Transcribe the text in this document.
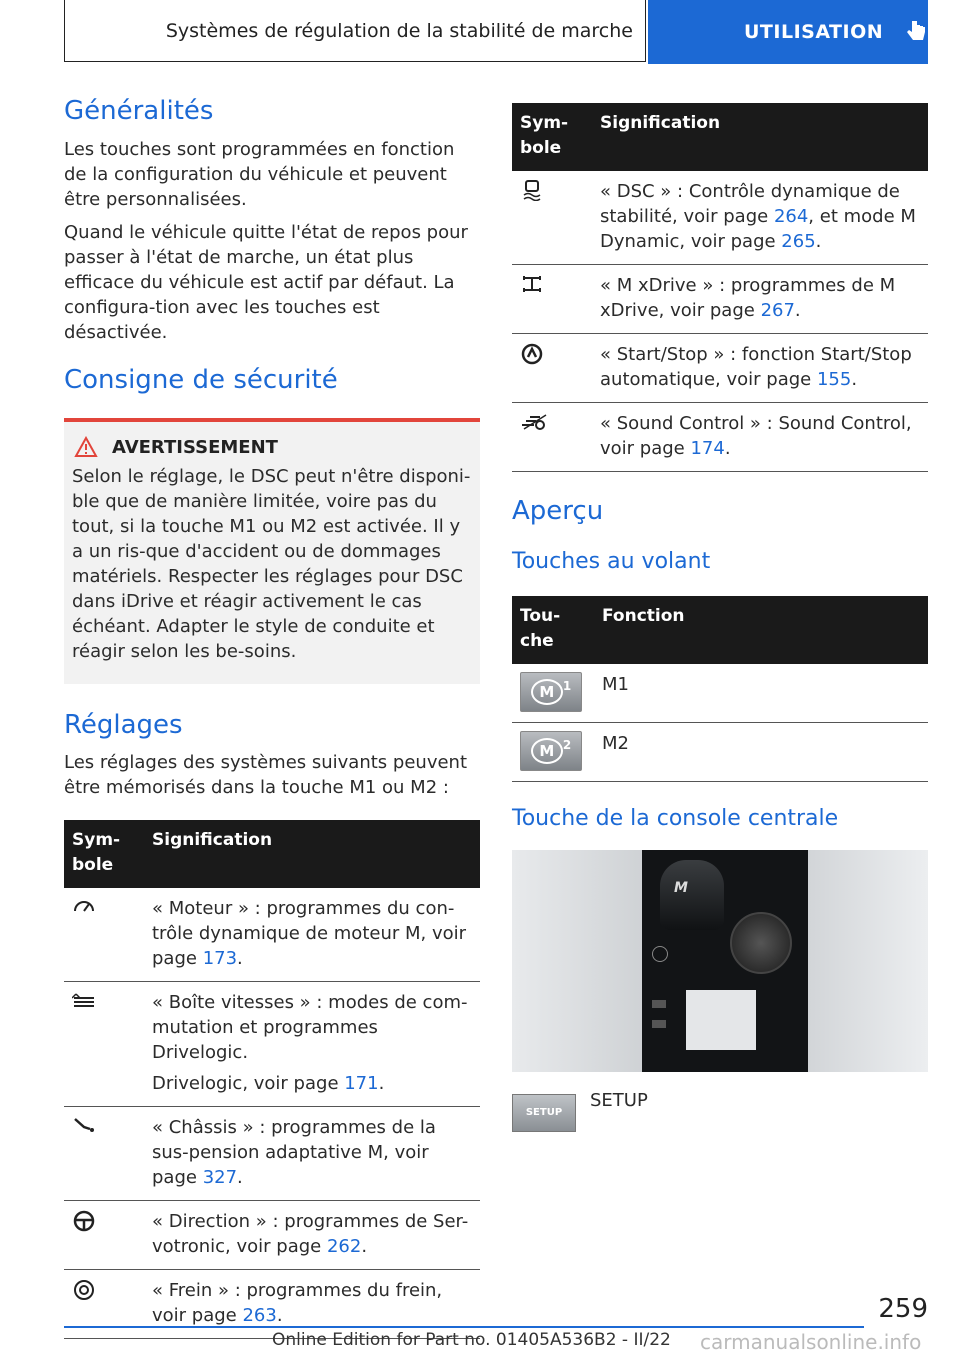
Systèmes de régulation de la stabilité de marche	UTILISATION
Généralités

Les touches sont programmées en fonction de la configuration du véhicule et peuvent être personnalisées.

Quand le véhicule quitte l'état de repos pour passer à l'état de marche, un état plus efficace du véhicule est actif par défaut. La configura-tion avec les touches est désactivée.

Consigne de sécurité
AVERTISSEMENT

Selon le réglage, le DSC peut n'être disponi-ble que de manière limitée, voire pas du tout, si la touche M1 ou M2 est activée. Il y a un ris-que d'accident ou de dommages matériels. Respecter les réglages pour DSC dans iDrive et réagir activement le cas échéant. Adapter le style de conduite et réagir selon les be-soins.

Réglages

Les réglages des systèmes suivants peuvent être mémorisés dans la touche M1 ou M2 :

Sym-bole	Signification
	« Moteur » : programmes du con-trôle dynamique de moteur M, voir page 173.

« Boîte vitesses » : modes de com-mutation et programmes Drivelogic.
Drivelogic, voir page 171.

	« Châssis » : programmes de la sus-pension adaptative M, voir page 327.
	« Direction » : programmes de Ser-votronic, voir page 262.
	« Frein » : programmes du frein, voir page 263.
Sym-bole	Signification
	« DSC » : Contrôle dynamique de stabilité, voir page 264, et mode M Dynamic, voir page 265.
	« M xDrive » : programmes de M xDrive, voir page 267.
	« Start/Stop » : fonction Start/Stop automatique, voir page 155.
	« Sound Control » : Sound Control, voir page 174.
Aperçu
Touches au volant
Tou-che	Fonction

M $^1$	M1

M $^2$	M2
Touche de la console centrale
M
SETUP
SETUP
259
Online Edition for Part no. 01405A536B2 - II/22 carmanualsonline.info
